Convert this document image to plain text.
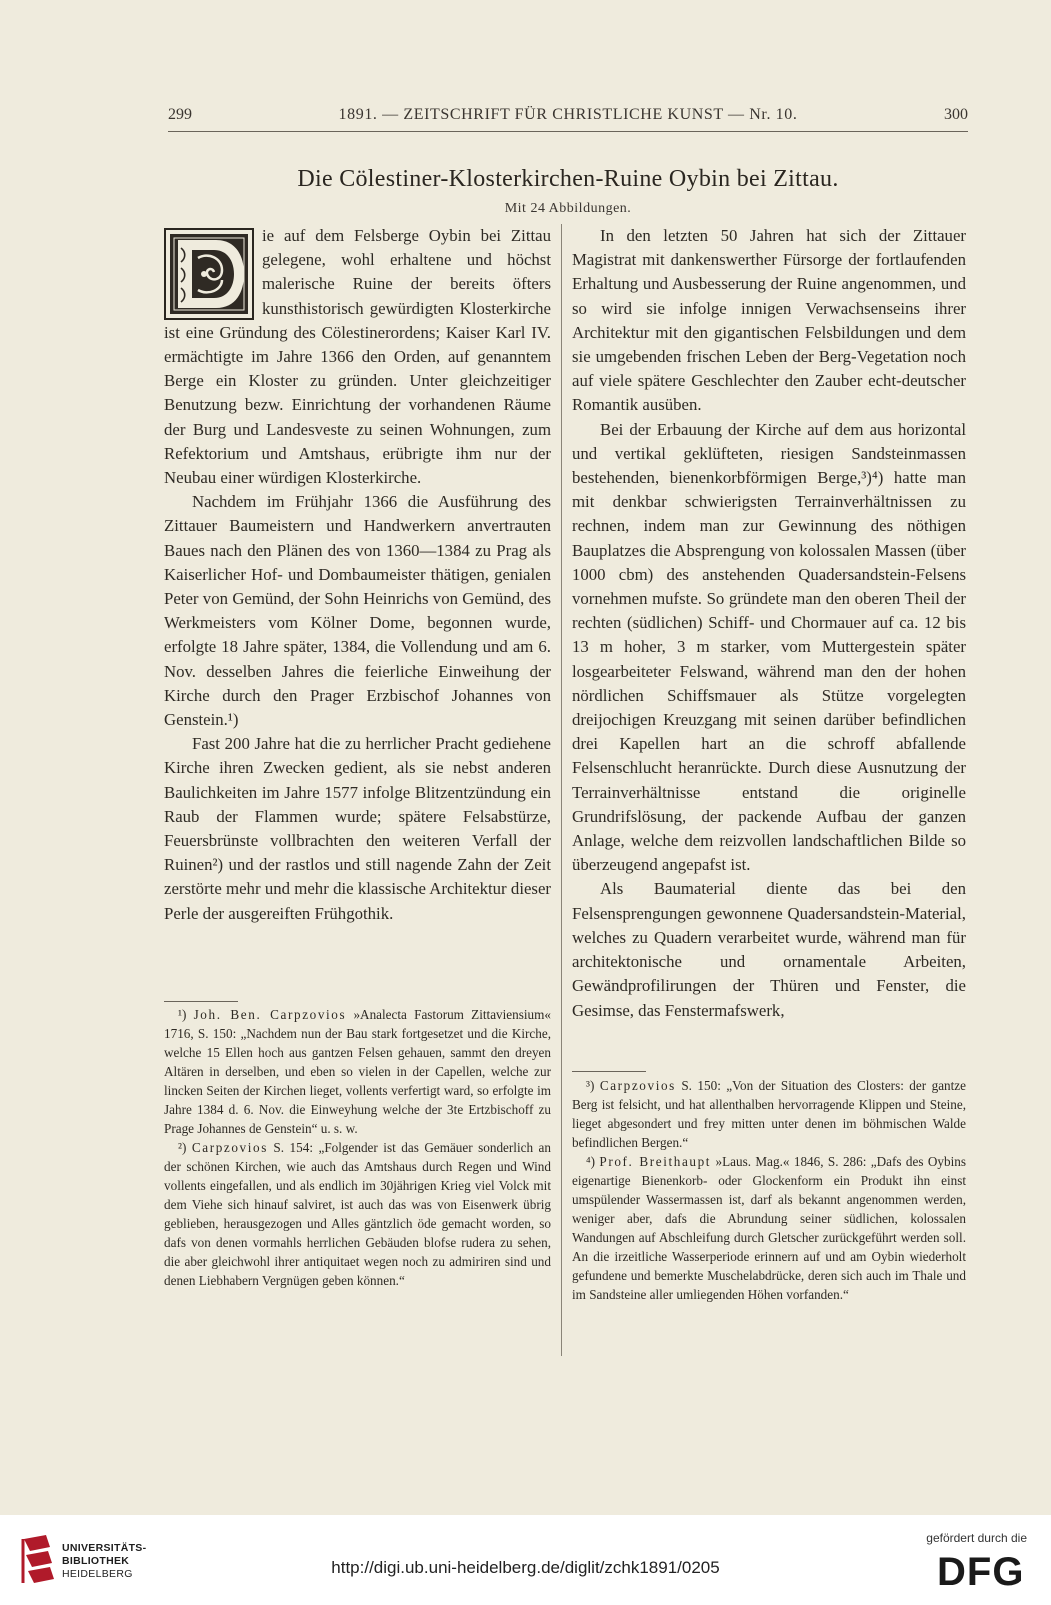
299	1891. — ZEITSCHRIFT FÜR CHRISTLICHE KUNST — Nr. 10.	300
Die Cölestiner-Klosterkirchen-Ruine Oybin bei Zittau.
Mit 24 Abbildungen.

ie auf dem Felsberge Oybin bei Zittau gelegene, wohl erhaltene und höchst malerische Ruine der bereits öfters kunsthistorisch gewürdigten Klosterkirche ist eine Gründung des Cölestinerordens; Kaiser Karl IV. ermächtigte im Jahre 1366 den Orden, auf genanntem Berge ein Kloster zu gründen. Unter gleichzeitiger Benutzung bezw. Einrichtung der vorhandenen Räume der Burg und Landesveste zu seinen Wohnungen, zum Refektorium und Amtshaus, erübrigte ihm nur der Neubau einer würdigen Klosterkirche.

Nachdem im Frühjahr 1366 die Ausführung des Zittauer Baumeistern und Handwerkern anvertrauten Baues nach den Plänen des von 1360—1384 zu Prag als Kaiserlicher Hof- und Dombaumeister thätigen, genialen Peter von Gemünd, der Sohn Heinrichs von Gemünd, des Werkmeisters vom Kölner Dome, begonnen wurde, erfolgte 18 Jahre später, 1384, die Vollendung und am 6. Nov. desselben Jahres die feierliche Einweihung der Kirche durch den Prager Erzbischof Johannes von Genstein.¹)

Fast 200 Jahre hat die zu herrlicher Pracht gediehene Kirche ihren Zwecken gedient, als sie nebst anderen Baulichkeiten im Jahre 1577 infolge Blitzentzündung ein Raub der Flammen wurde; spätere Felsabstürze, Feuersbrünste vollbrachten den weiteren Verfall der Ruinen²) und der rastlos und still nagende Zahn der Zeit zerstörte mehr und mehr die klassische Architektur dieser Perle der ausgereiften Frühgothik.

In den letzten 50 Jahren hat sich der Zittauer Magistrat mit dankenswerther Fürsorge der fortlaufenden Erhaltung und Ausbesserung der Ruine angenommen, und so wird sie infolge innigen Verwachsenseins ihrer Architektur mit den gigantischen Felsbildungen und dem sie umgebenden frischen Leben der Berg-Vegetation noch auf viele spätere Geschlechter den Zauber echt-deutscher Romantik ausüben.

Bei der Erbauung der Kirche auf dem aus horizontal und vertikal geklüfteten, riesigen Sandsteinmassen bestehenden, bienenkorbförmigen Berge,³)⁴) hatte man mit denkbar schwierigsten Terrainverhältnissen zu rechnen, indem man zur Gewinnung des nöthigen Bauplatzes die Absprengung von kolossalen Massen (über 1000 cbm) des anstehenden Quadersandstein-Felsens vornehmen mufste. So gründete man den oberen Theil der rechten (südlichen) Schiff- und Chormauer auf ca. 12 bis 13 m hoher, 3 m starker, vom Muttergestein später losgearbeiteter Felswand, während man den der hohen nördlichen Schiffsmauer als Stütze vorgelegten dreijochigen Kreuzgang mit seinen darüber befindlichen drei Kapellen hart an die schroff abfallende Felsenschlucht heranrückte. Durch diese Ausnutzung der Terrainverhältnisse entstand die originelle Grundrifslösung, der packende Aufbau der ganzen Anlage, welche dem reizvollen landschaftlichen Bilde so überzeugend angepafst ist.

Als Baumaterial diente das bei den Felsensprengungen gewonnene Quadersandstein-Material, welches zu Quadern verarbeitet wurde, während man für architektonische und ornamentale Arbeiten, Gewändprofilirungen der Thüren und Fenster, die Gesimse, das Fenstermafswerk,

¹) Joh. Ben. Carpzovios »Analecta Fastorum Zittaviensium« 1716, S. 150: „Nachdem nun der Bau stark fortgesetzet und die Kirche, welche 15 Ellen hoch aus gantzen Felsen gehauen, sammt den dreyen Altären in derselben, und eben so vielen in der Capellen, welche zur lincken Seiten der Kirchen lieget, vollents verfertigt ward, so erfolgte im Jahre 1384 d. 6. Nov. die Einweyhung welche der 3te Ertzbischoff zu Prage Johannes de Genstein“ u. s. w.

²) Carpzovios S. 154: „Folgender ist das Gemäuer sonderlich an der schönen Kirchen, wie auch das Amtshaus durch Regen und Wind vollents eingefallen, und als endlich im 30jährigen Krieg viel Volck mit dem Viehe sich hinauf salviret, ist auch das was von Eisenwerk übrig geblieben, herausgezogen und Alles gäntzlich öde gemacht worden, so dafs von denen vormahls herrlichen Gebäuden blofse rudera zu sehen, die aber gleichwohl ihrer antiquitaet wegen noch zu admiriren sind und denen Liebhabern Vergnügen geben können.“

³) Carpzovios S. 150: „Von der Situation des Closters: der gantze Berg ist felsicht, und hat allenthalben hervorragende Klippen und Steine, lieget abgesondert und frey mitten unter denen im böhmischen Walde befindlichen Bergen.“

⁴) Prof. Breithaupt »Laus. Mag.« 1846, S. 286: „Dafs des Oybins eigenartige Bienenkorb- oder Glockenform ein Produkt ihn einst umspülender Wassermassen ist, darf als bekannt angenommen werden, weniger aber, dafs die Abrundung seiner südlichen, kolossalen Wandungen auf Abschleifung durch Gletscher zurückgeführt werden soll. An die irzeitliche Wasserperiode erinnern auf und am Oybin wiederholt gefundene und bemerkte Muschelabdrücke, deren sich auch im Thale und im Sandsteine aller umliegenden Höhen vorfanden.“

UNIVERSITÄTS-
BIBLIOTHEK
HEIDELBERG	http://digi.ub.uni-heidelberg.de/diglit/zchk1891/0205
gefördert durch die
DFG
